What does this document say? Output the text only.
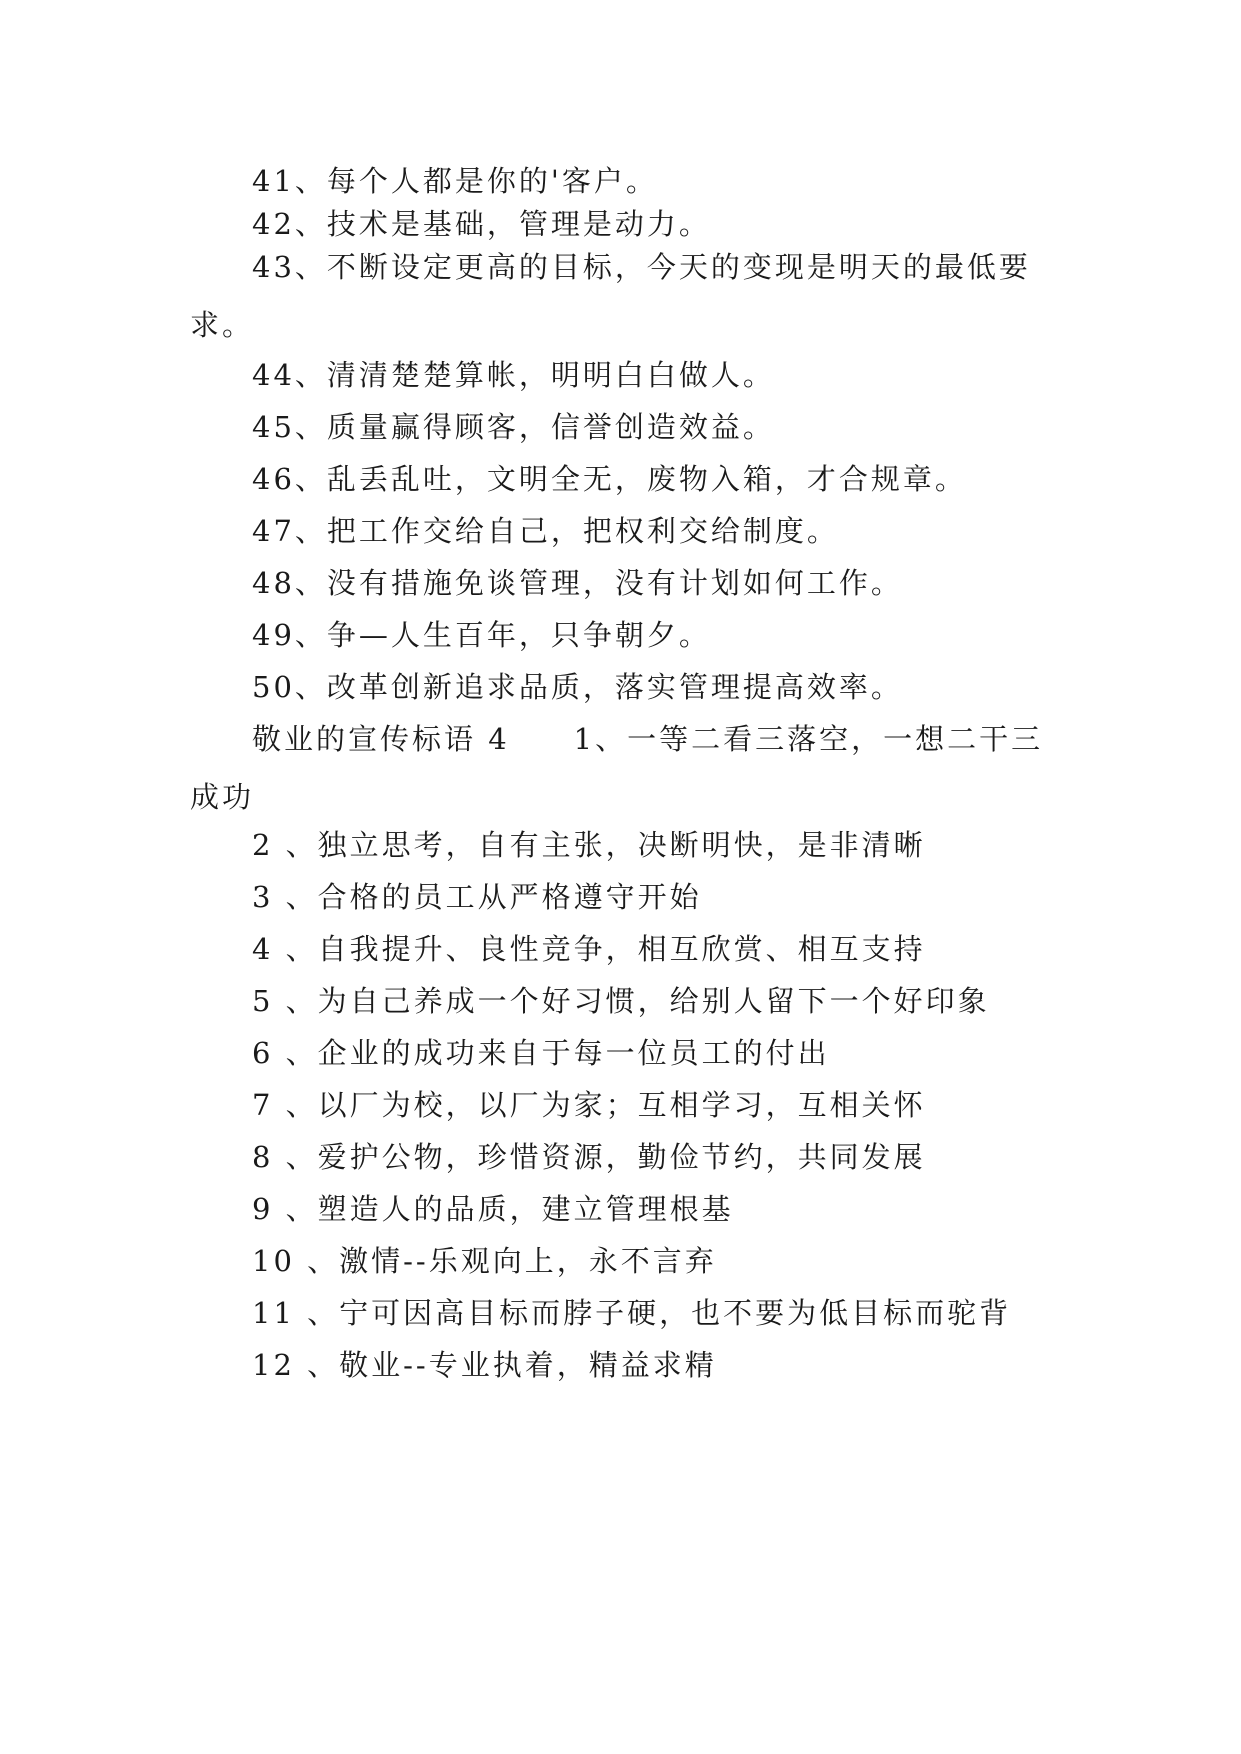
41、每个人都是你的'客户。

42、技术是基础，管理是动力。

43、不断设定更高的目标，今天的变现是明天的最低要求。

44、清清楚楚算帐，明明白白做人。

45、质量赢得顾客，信誉创造效益。

46、乱丢乱吐，文明全无，废物入箱，才合规章。

47、把工作交给自己，把权利交给制度。

48、没有措施免谈管理，没有计划如何工作。

49、争—人生百年，只争朝夕。

50、改革创新追求品质，落实管理提高效率。

敬业的宣传标语 4　　1、一等二看三落空，一想二干三成功

2 、独立思考，自有主张，决断明快，是非清晰

3 、合格的员工从严格遵守开始

4 、自我提升、良性竞争，相互欣赏、相互支持

5 、为自己养成一个好习惯，给别人留下一个好印象

6 、企业的成功来自于每一位员工的付出

7 、以厂为校，以厂为家；互相学习，互相关怀

8 、爱护公物，珍惜资源，勤俭节约，共同发展

9 、塑造人的品质，建立管理根基

10 、激情--乐观向上，永不言弃

11 、宁可因高目标而脖子硬，也不要为低目标而驼背

12 、敬业--专业执着，精益求精
